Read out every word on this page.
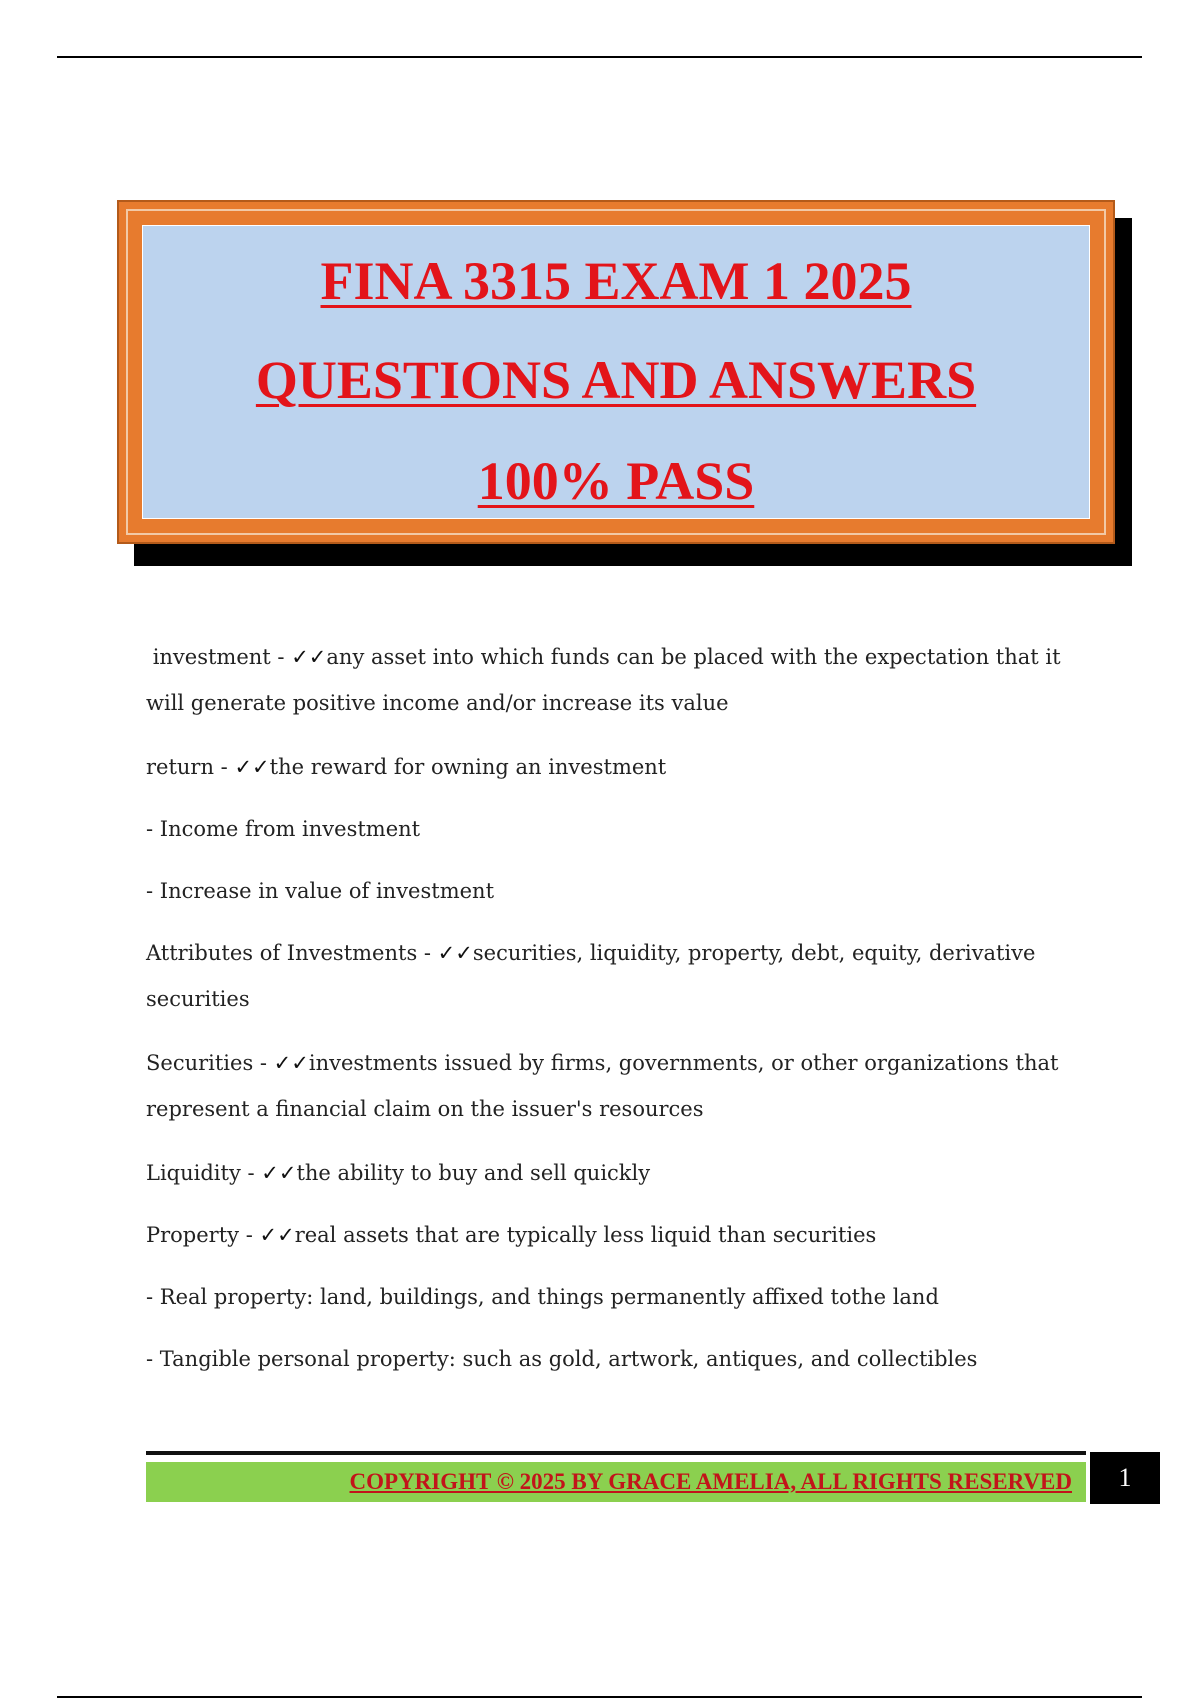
FINA 3315 EXAM 1 2025
QUESTIONS AND ANSWERS
100% PASS

investment - ✓✓any asset into which funds can be placed with the expectation that it will generate positive income and/or increase its value

return - ✓✓the reward for owning an investment

- Income from investment

- Increase in value of investment

Attributes of Investments - ✓✓securities, liquidity, property, debt, equity, derivative securities

Securities - ✓✓investments issued by firms, governments, or other organizations that represent a financial claim on the issuer's resources

Liquidity - ✓✓the ability to buy and sell quickly

Property - ✓✓real assets that are typically less liquid than securities

- Real property: land, buildings, and things permanently affixed tothe land

- Tangible personal property: such as gold, artwork, antiques, and collectibles

COPYRIGHT © 2025 BY GRACE AMELIA, ALL RIGHTS RESERVED	1
